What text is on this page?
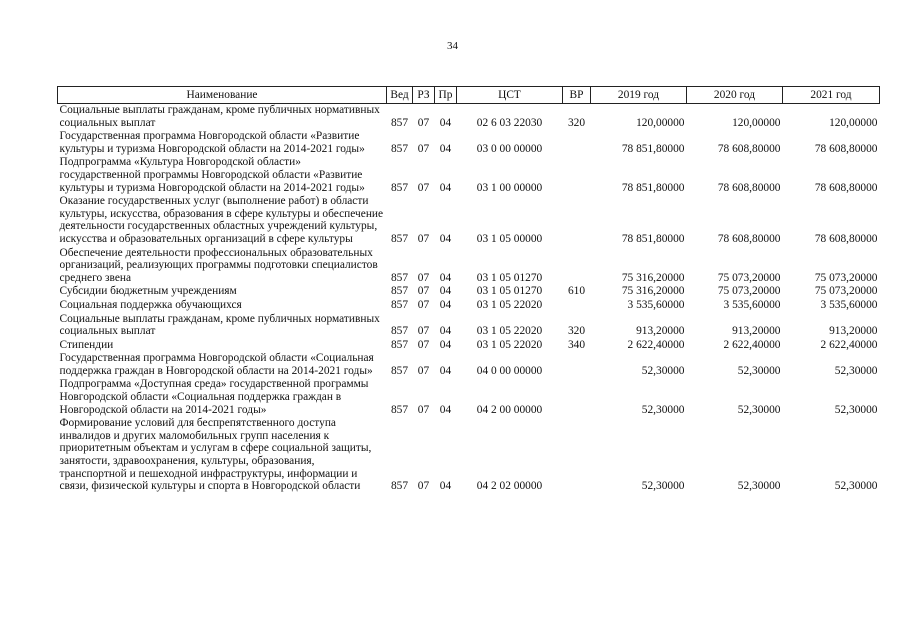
34
Наименование	Вед	РЗ	Пр	ЦСТ	ВР	2019 год	2020 год	2021 год
Социальные выплаты гражданам, кроме публичных нормативных социальных выплат	857	07	04	02 6 03 22030	320	120,00000	120,00000	120,00000
Государственная программа Новгородской области «Развитие культуры и туризма Новгородской области на 2014-2021 годы»	857	07	04	03 0 00 00000		78 851,80000	78 608,80000	78 608,80000
Подпрограмма «Культура Новгородской области» государственной программы Новгородской области «Развитие культуры и туризма Новгородской области на 2014-2021 годы»	857	07	04	03 1 00 00000		78 851,80000	78 608,80000	78 608,80000
Оказание государственных услуг (выполнение работ) в области культуры, искусства, образования в сфере культуры и обеспечение деятельности государственных областных учреждений культуры, искусства и образовательных организаций в сфере культуры	857	07	04	03 1 05 00000		78 851,80000	78 608,80000	78 608,80000
Обеспечение деятельности профессиональных образовательных организаций, реализующих программы подготовки специалистов среднего звена	857	07	04	03 1 05 01270		75 316,20000	75 073,20000	75 073,20000
Субсидии бюджетным учреждениям	857	07	04	03 1 05 01270	610	75 316,20000	75 073,20000	75 073,20000
Социальная поддержка обучающихся	857	07	04	03 1 05 22020		3 535,60000	3 535,60000	3 535,60000
Социальные выплаты гражданам, кроме публичных нормативных социальных выплат	857	07	04	03 1 05 22020	320	913,20000	913,20000	913,20000
Стипендии	857	07	04	03 1 05 22020	340	2 622,40000	2 622,40000	2 622,40000
Государственная программа Новгородской области «Социальная поддержка граждан в Новгородской области на 2014-2021 годы»	857	07	04	04 0 00 00000		52,30000	52,30000	52,30000
Подпрограмма «Доступная среда» государственной программы Новгородской области «Социальная поддержка граждан в Новгородской области на 2014-2021 годы»	857	07	04	04 2 00 00000		52,30000	52,30000	52,30000
Формирование условий для беспрепятственного доступа инвалидов и других маломобильных групп населения к приоритетным объектам и услугам в сфере социальной защиты, занятости, здравоохранения, культуры, образования, транспортной и пешеходной инфраструктуры, информации и связи, физической культуры и спорта в Новгородской области	857	07	04	04 2 02 00000		52,30000	52,30000	52,30000
